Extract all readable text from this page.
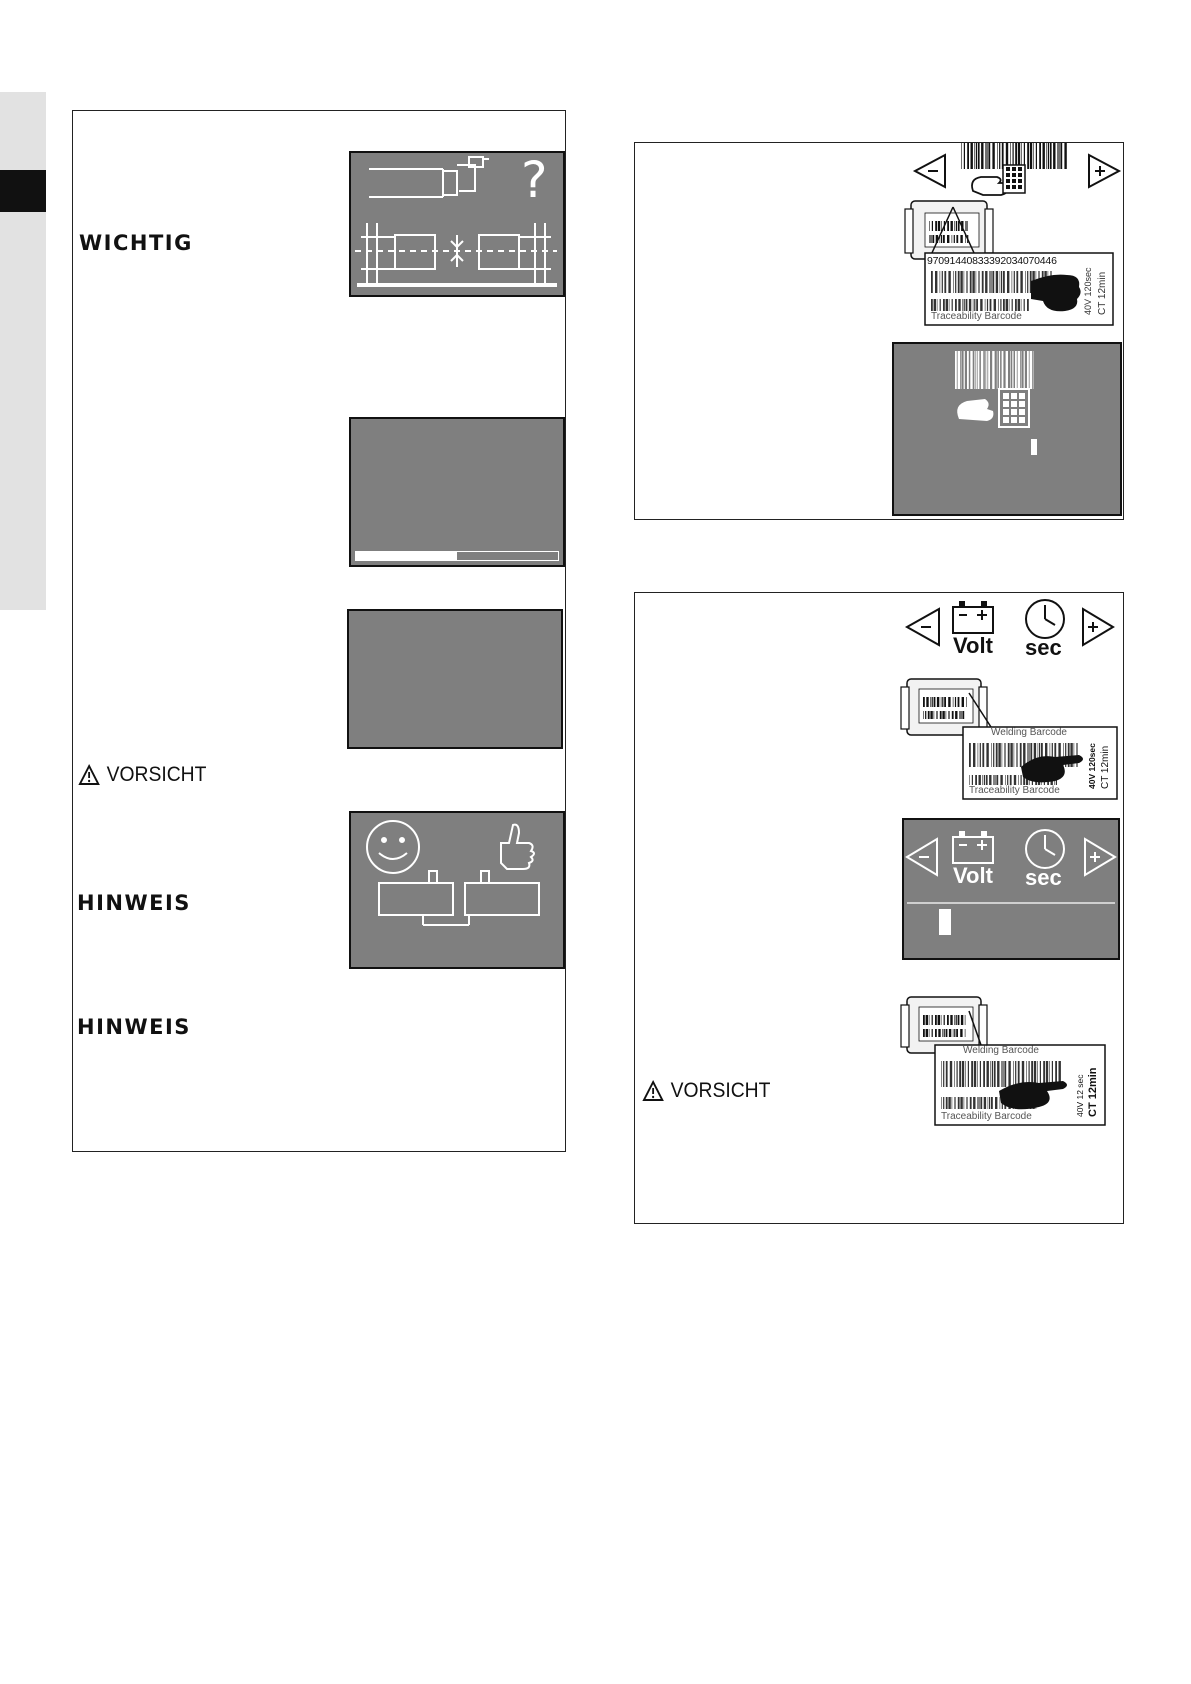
?
WICHTIG
VORSICHT
HINWEIS
HINWEIS
97091440833392034070446
Traceability Barcode
40V 120sec CT 12min
Volt sec
Volt sec
Welding Barcode
Traceability Barcode
40V 120sec CT 12min
Welding Barcode
Traceability Barcode	40V 12 sec CT 12min
VORSICHT
